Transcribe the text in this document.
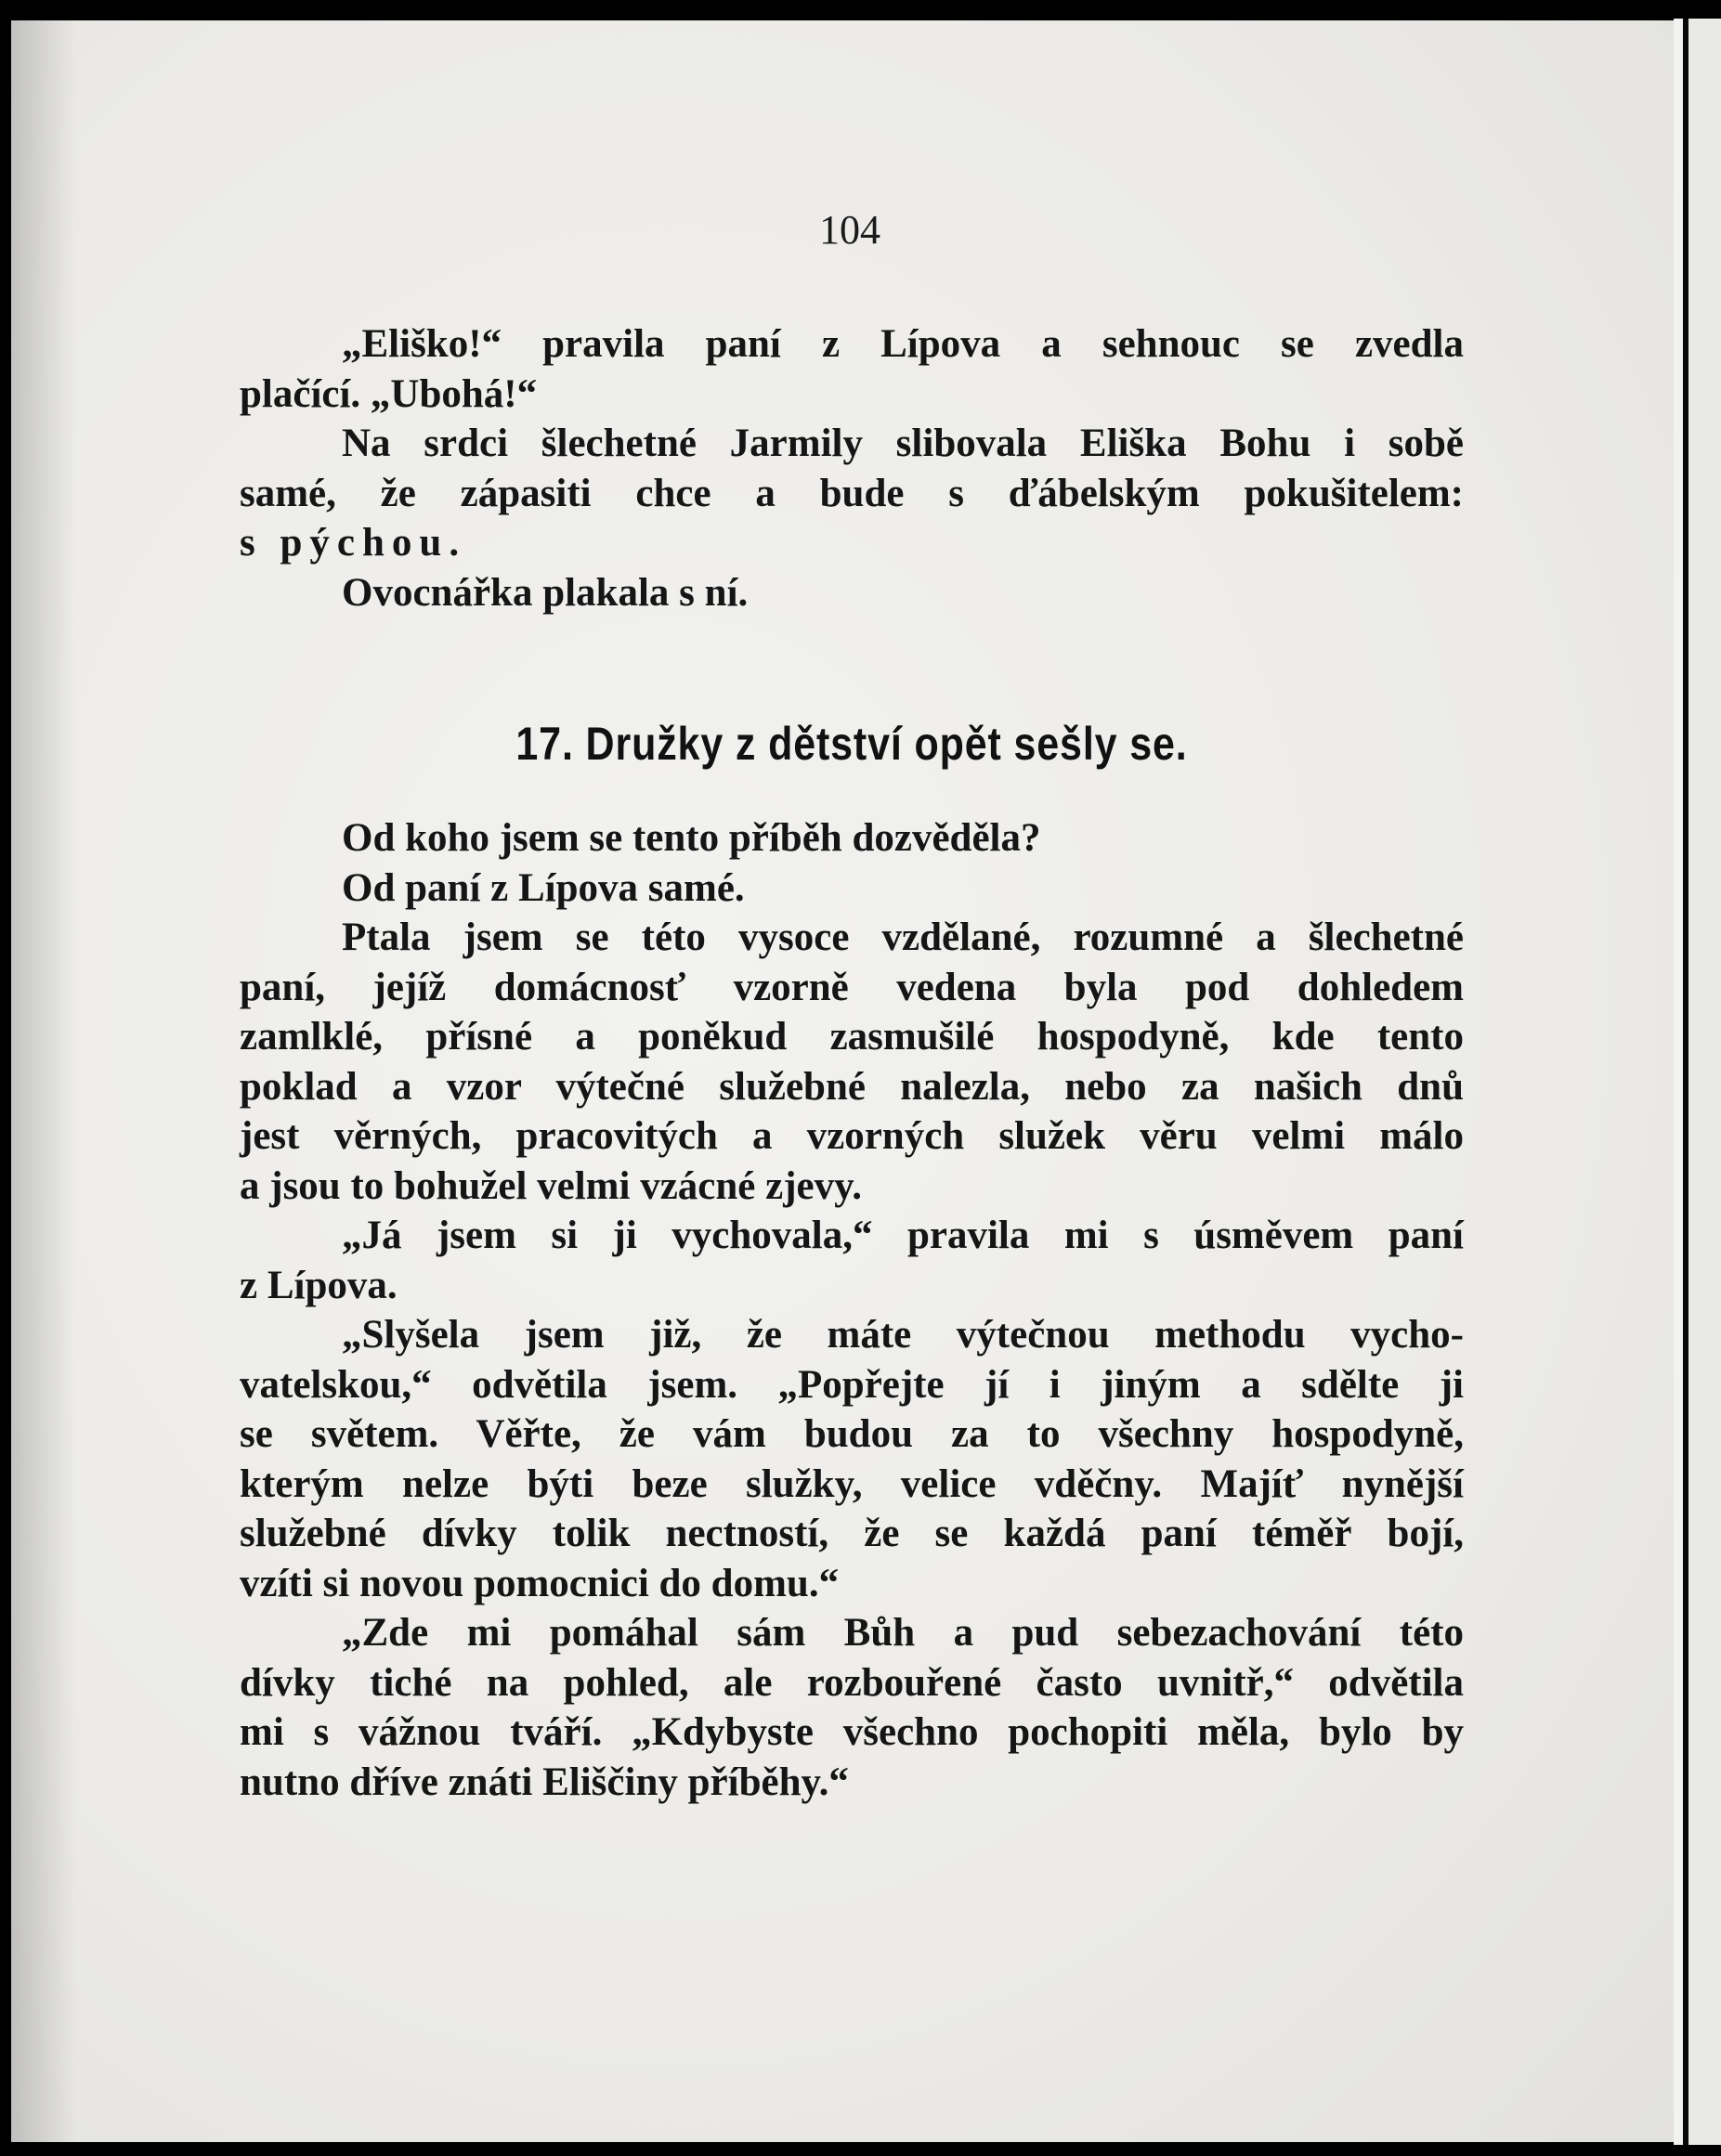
104
„Eliško!“ pravila paní z Lípova a sehnouc se zvedla
plačící. „Ubohá!“
Na srdci šlechetné Jarmily slibovala Eliška Bohu i sobě
samé, že zápasiti chce a bude s ďábelským pokušitelem:
s pýchou.
Ovocnářka plakala s ní.
17. Družky z dětství opět sešly se.
Od koho jsem se tento příběh dozvěděla?
Od paní z Lípova samé.
Ptala jsem se této vysoce vzdělané, rozumné a šlechetné
paní, jejíž domácnosť vzorně vedena byla pod dohledem
zamlklé, přísné a poněkud zasmušilé hospodyně, kde tento
poklad a vzor výtečné služebné nalezla, nebo za našich dnů
jest věrných, pracovitých a vzorných služek věru velmi málo
a jsou to bohužel velmi vzácné zjevy.
„Já jsem si ji vychovala,“ pravila mi s úsměvem paní
z Lípova.
„Slyšela jsem již, že máte výtečnou methodu vycho-
vatelskou,“ odvětila jsem. „Popřejte jí i jiným a sdělte ji
se světem. Věřte, že vám budou za to všechny hospodyně,
kterým nelze býti beze služky, velice vděčny. Majíť nynější
služebné dívky tolik nectností, že se každá paní téměř bojí,
vzíti si novou pomocnici do domu.“
„Zde mi pomáhal sám Bůh a pud sebezachování této
dívky tiché na pohled, ale rozbouřené často uvnitř,“ odvětila
mi s vážnou tváří. „Kdybyste všechno pochopiti měla, bylo by
nutno dříve znáti Eliščiny příběhy.“
